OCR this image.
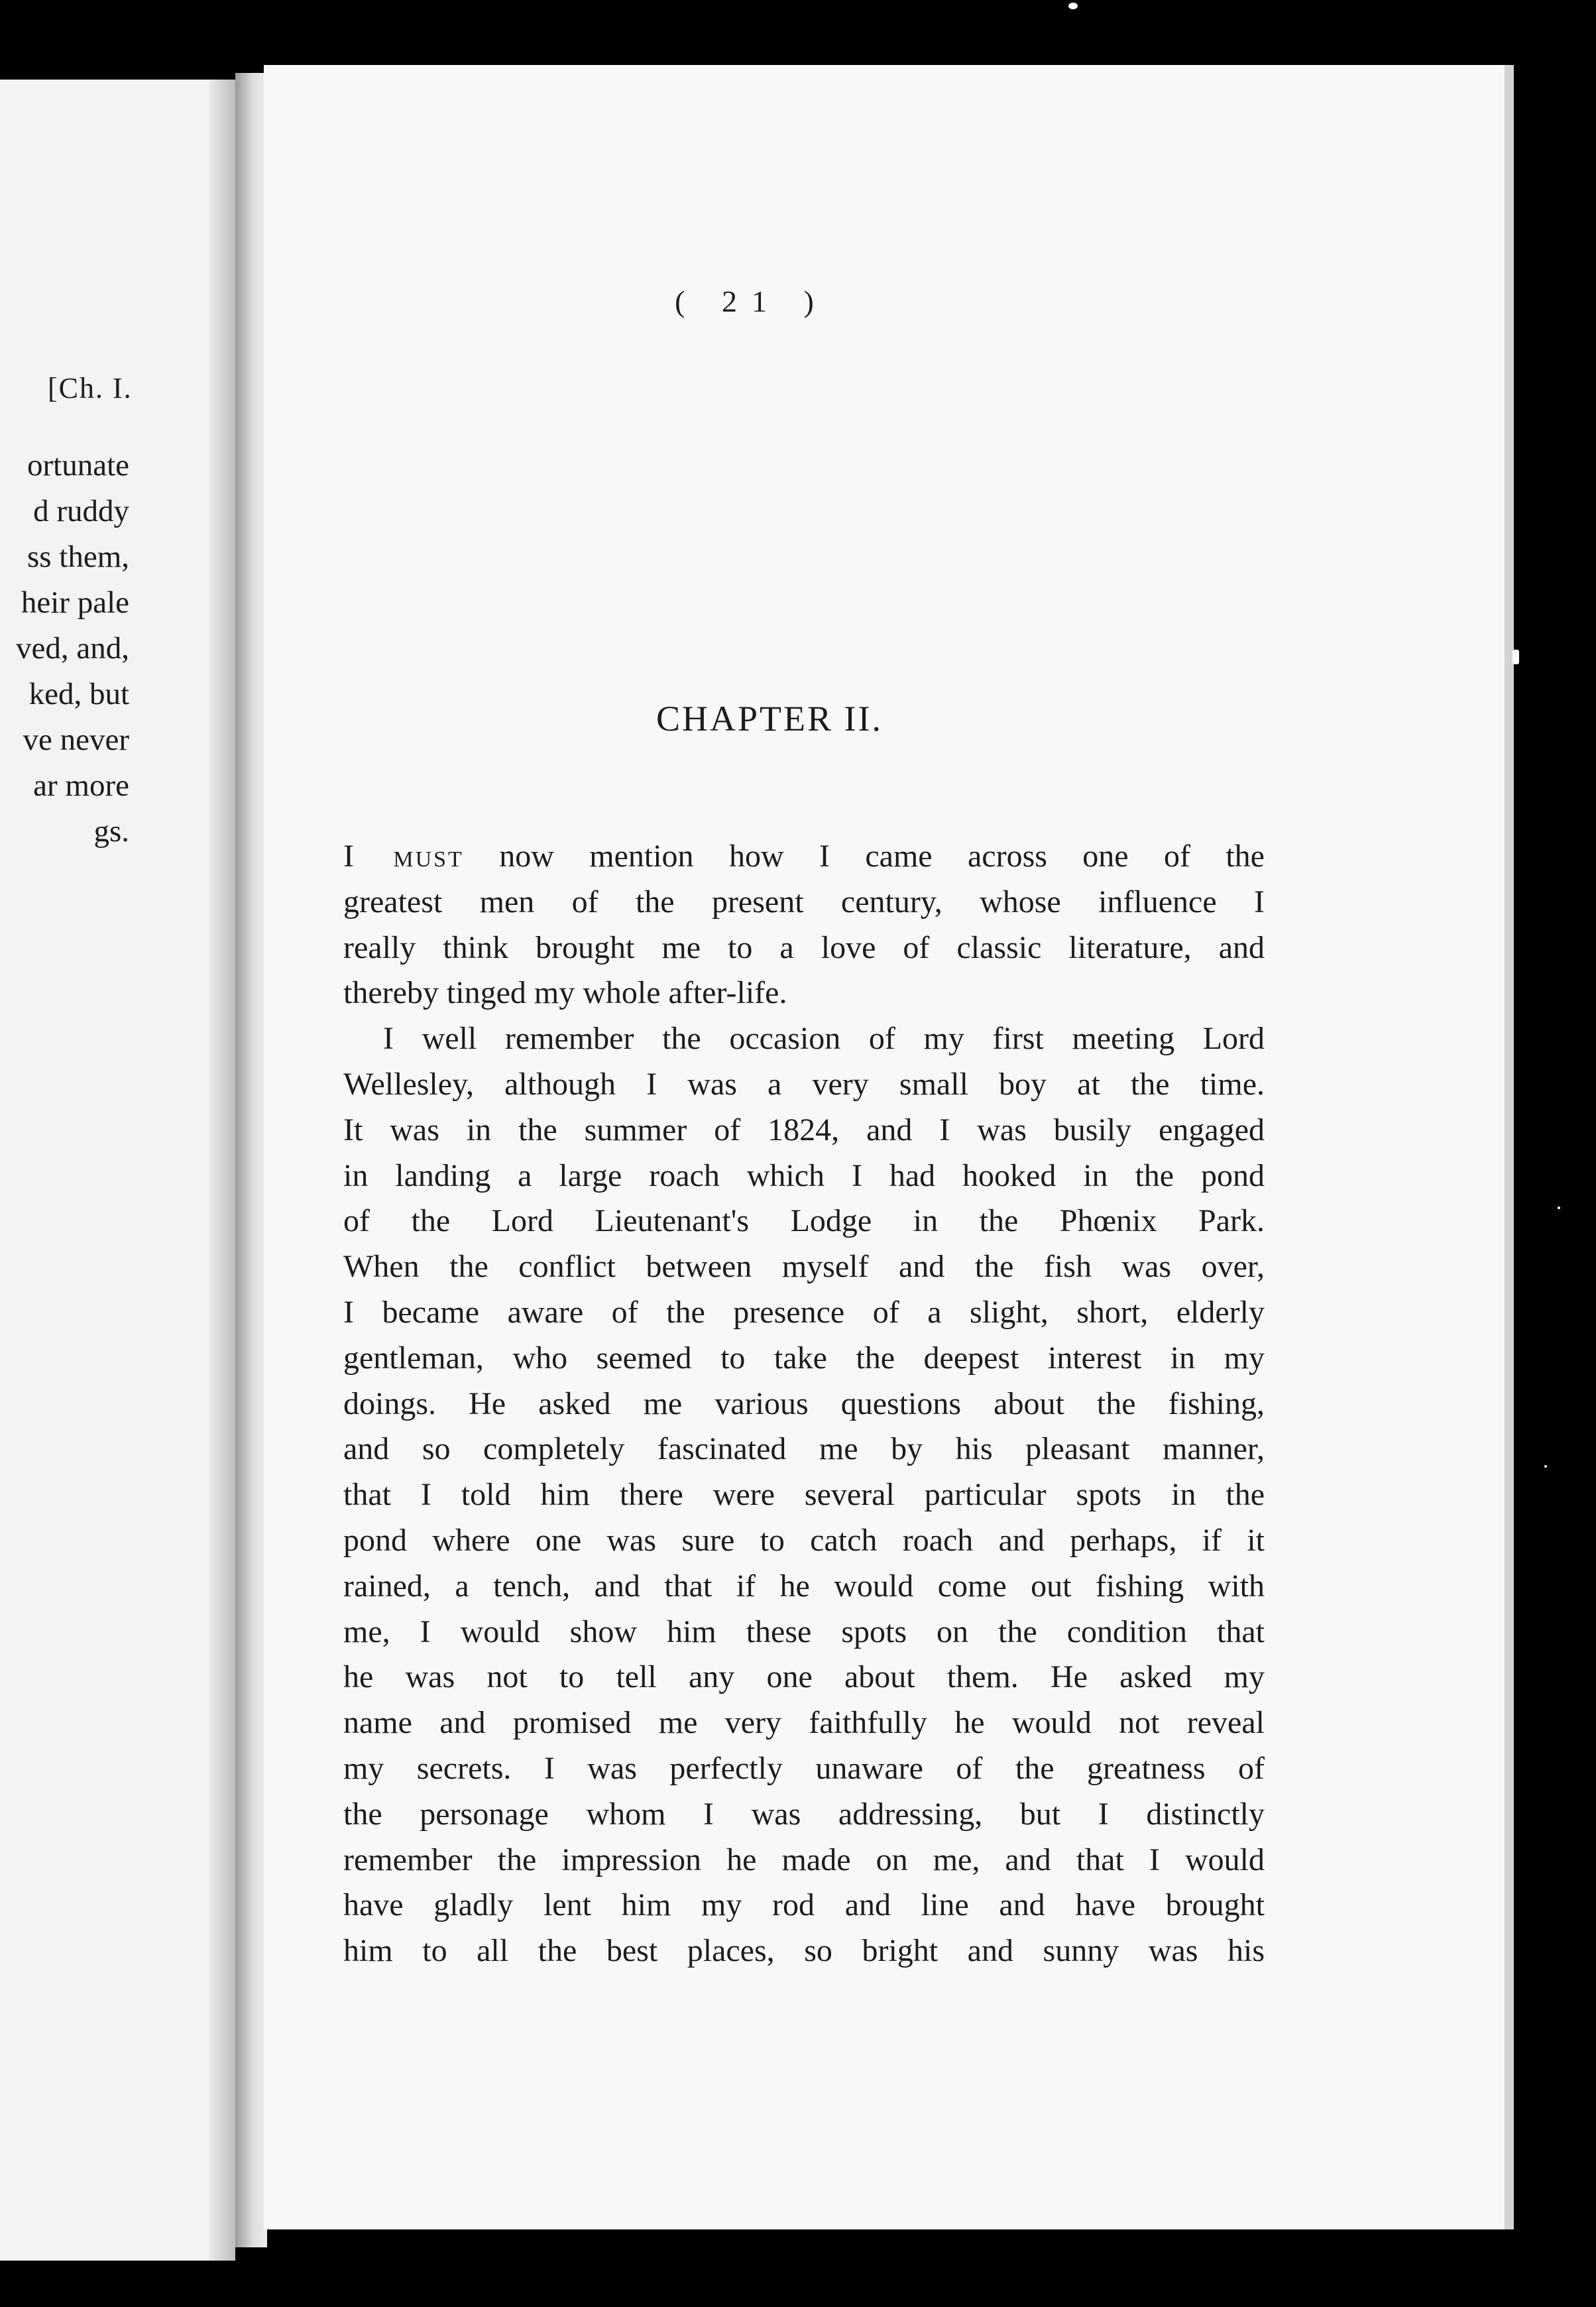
[Ch. I.
ortunate
d ruddy
ss them,
heir pale
ved, and,
ked, but
ve never
ar more
gs.
( 21 )
CHAPTER II.
I must now mention how I came across one of the
greatest men of the present century, whose influence I
really think brought me to a love of classic literature, and
thereby tinged my whole after-life.
I well remember the occasion of my first meeting Lord
Wellesley, although I was a very small boy at the time.
It was in the summer of 1824, and I was busily engaged
in landing a large roach which I had hooked in the pond
of the Lord Lieutenant's Lodge in the Phœnix Park.
When the conflict between myself and the fish was over,
I became aware of the presence of a slight, short, elderly
gentleman, who seemed to take the deepest interest in my
doings. He asked me various questions about the fishing,
and so completely fascinated me by his pleasant manner,
that I told him there were several particular spots in the
pond where one was sure to catch roach and perhaps, if it
rained, a tench, and that if he would come out fishing with
me, I would show him these spots on the condition that
he was not to tell any one about them. He asked my
name and promised me very faithfully he would not reveal
my secrets. I was perfectly unaware of the greatness of
the personage whom I was addressing, but I distinctly
remember the impression he made on me, and that I would
have gladly lent him my rod and line and have brought
him to all the best places, so bright and sunny was his
